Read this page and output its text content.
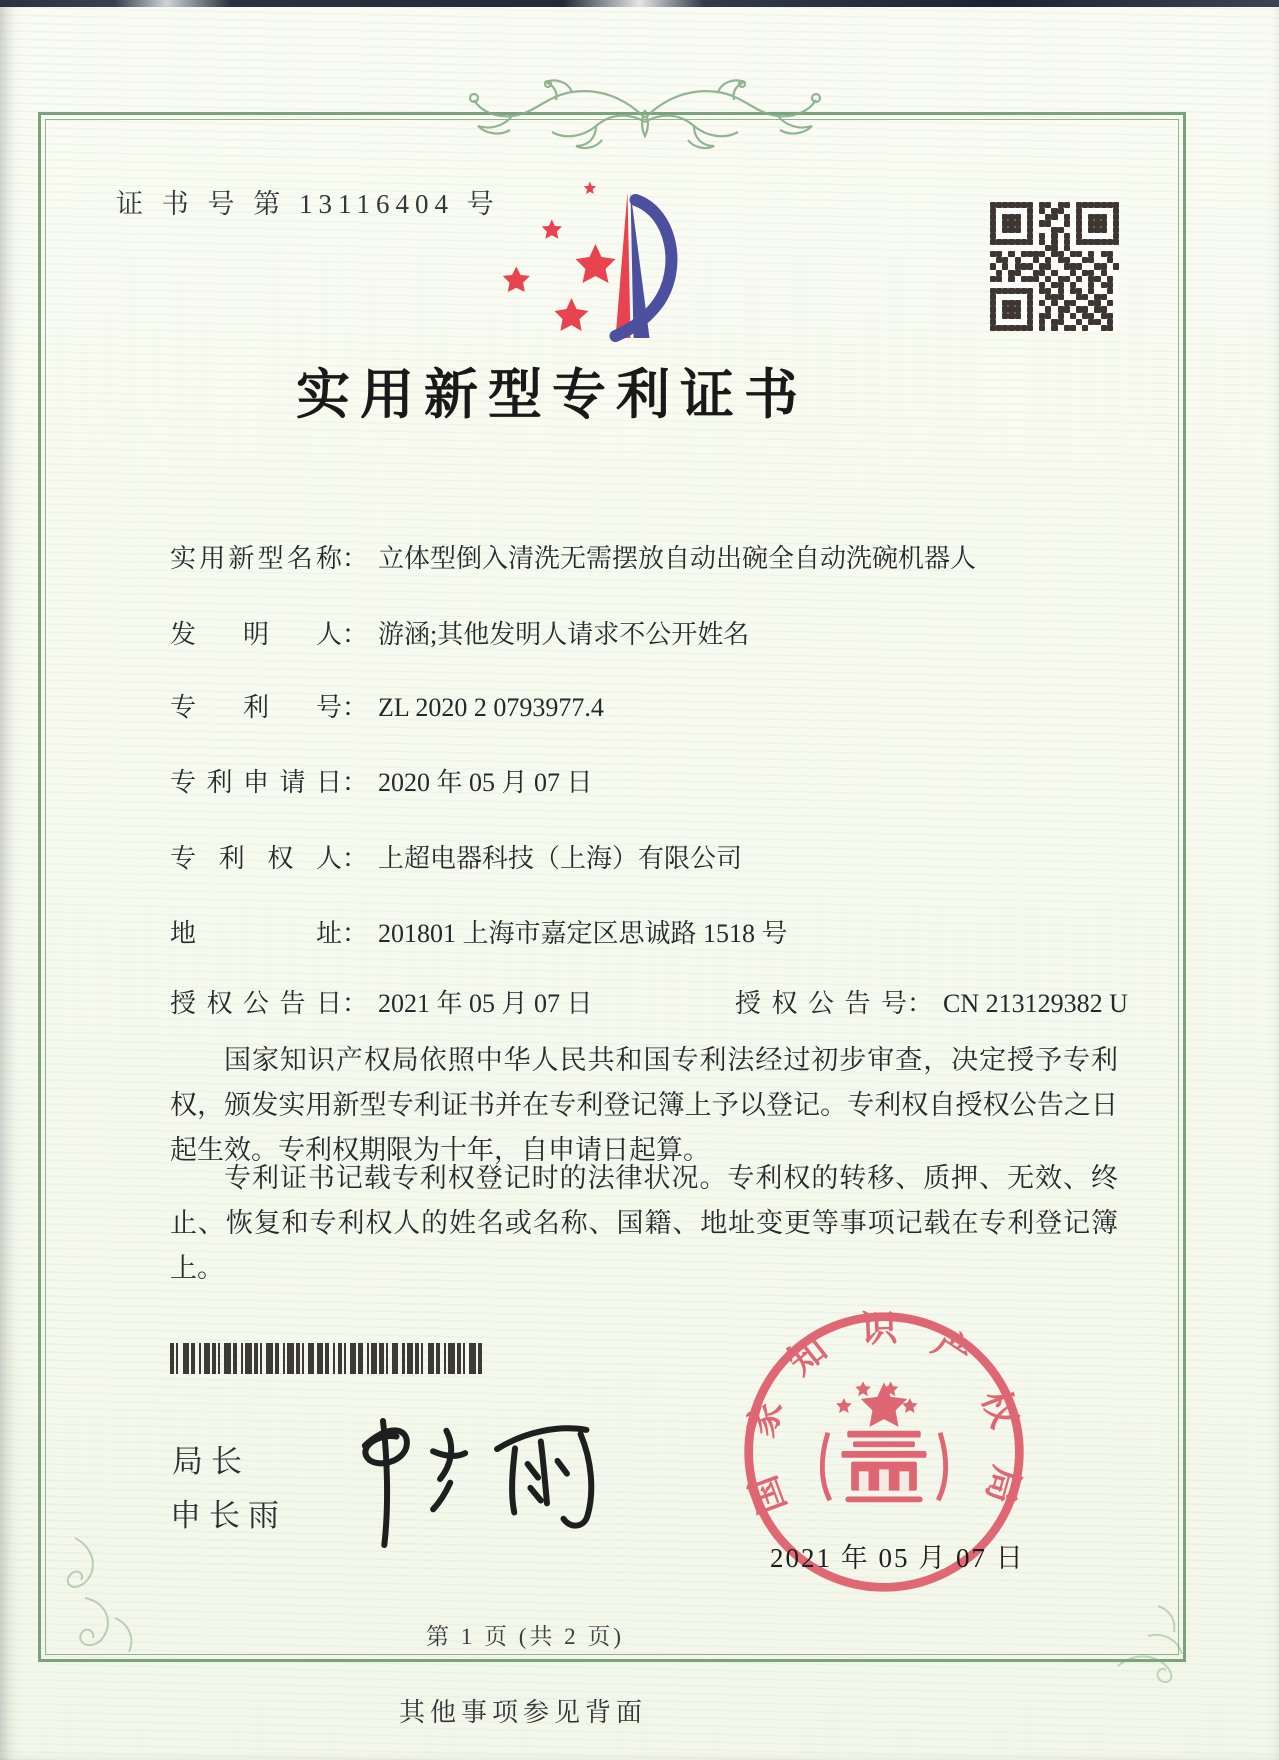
证 书 号 第 13116404 号
实用新型专利证书
实用新型名称： 立体型倒入清洗无需摆放自动出碗全自动洗碗机器人
发明人： 游涵;其他发明人请求不公开姓名
专利号： ZL 2020 2 0793977.4
专利申请日： 2020 年 05 月 07 日
专利权人： 上超电器科技（上海）有限公司
地址： 201801 上海市嘉定区思诚路 1518 号
授权公告日： 2021 年 05 月 07 日	授权公告号： CN 213129382 U
国家知识产权局依照中华人民共和国专利法经过初步审查，决定授予专利权，颁发实用新型专利证书并在专利登记簿上予以登记。专利权自授权公告之日起生效。专利权期限为十年，自申请日起算。
专利证书记载专利权登记时的法律状况。专利权的转移、质押、无效、终止、恢复和专利权人的姓名或名称、国籍、地址变更等事项记载在专利登记簿上。
局长
申长雨	国家知识产权局
2021 年 05 月 07 日
第 1 页 (共 2 页)
其他事项参见背面
